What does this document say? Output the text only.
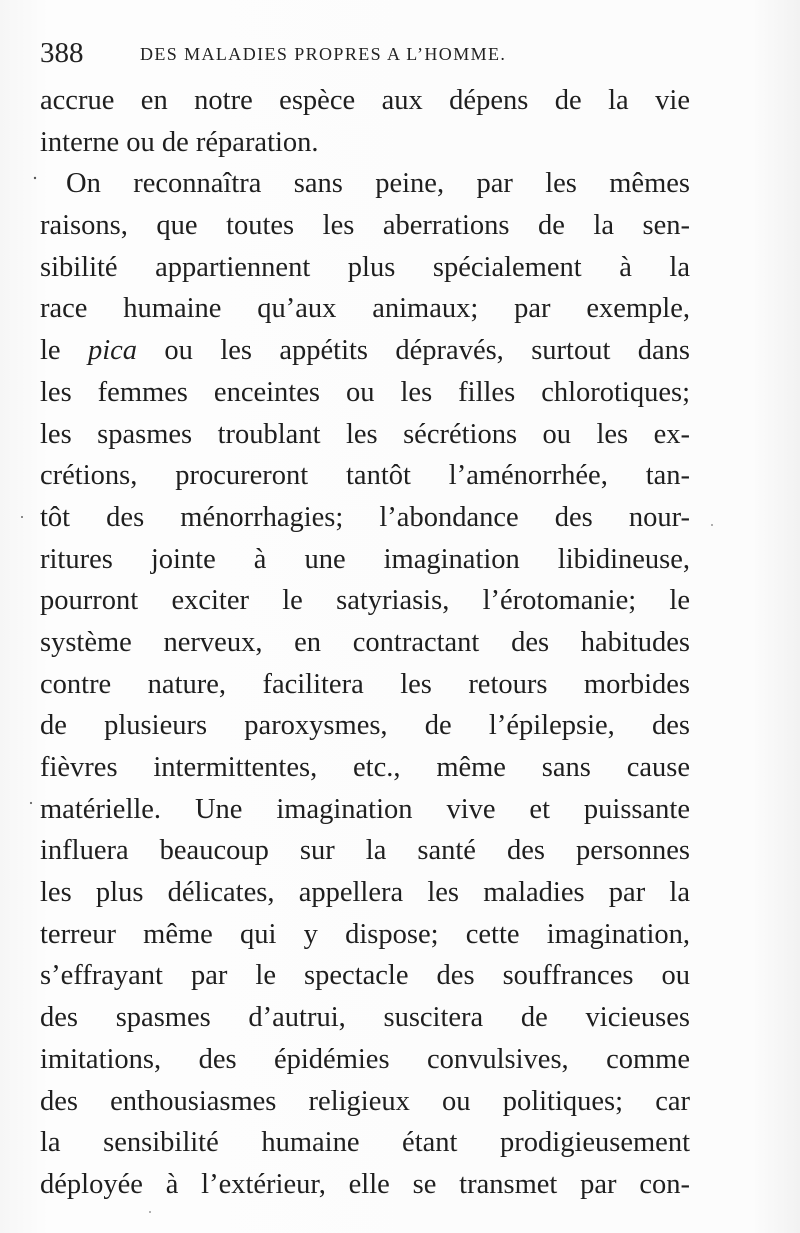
388	DES MALADIES PROPRES A L’HOMME.
accrue en notre espèce aux dépens de la vie
interne ou de réparation.
On reconnaîtra sans peine, par les mêmes
raisons, que toutes les aberrations de la sen-
sibilité appartiennent plus spécialement à la
race humaine qu’aux animaux; par exemple,
le pica ou les appétits dépravés, surtout dans
les femmes enceintes ou les filles chlorotiques;
les spasmes troublant les sécrétions ou les ex-
crétions, procureront tantôt l’aménorrhée, tan-
tôt des ménorrhagies; l’abondance des nour-
ritures jointe à une imagination libidineuse,
pourront exciter le satyriasis, l’érotomanie; le
système nerveux, en contractant des habitudes
contre nature, facilitera les retours morbides
de plusieurs paroxysmes, de l’épilepsie, des
fièvres intermittentes, etc., même sans cause
matérielle. Une imagination vive et puissante
influera beaucoup sur la santé des personnes
les plus délicates, appellera les maladies par la
terreur même qui y dispose; cette imagination,
s’effrayant par le spectacle des souffrances ou
des spasmes d’autrui, suscitera de vicieuses
imitations, des épidémies convulsives, comme
des enthousiasmes religieux ou politiques; car
la sensibilité humaine étant prodigieusement
déployée à l’extérieur, elle se transmet par con-
